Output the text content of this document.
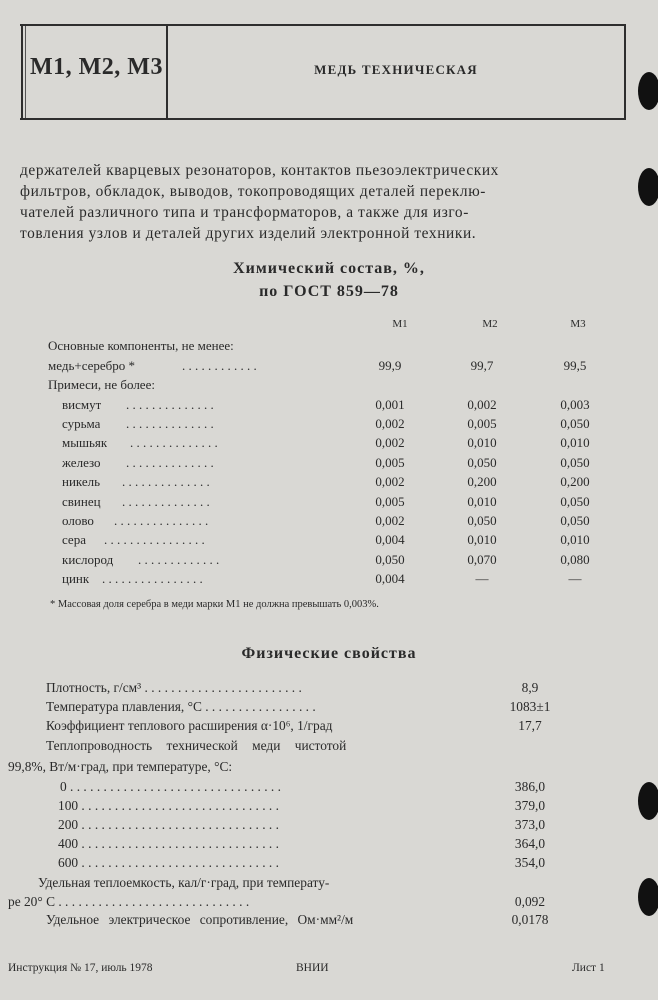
М1, М2, М3	МЕДЬ ТЕХНИЧЕСКАЯ
держателей кварцевых резонаторов, контактов пьезоэлектрических
фильтров, обкладок, выводов, токопроводящих деталей переклю-
чателей различного типа и трансформаторов, а также для изго-
товления узлов и деталей других изделий электронной техники.
Химический состав, %,
по ГОСТ 859—78
М1	М2	М3
Основные компоненты, не менее:
медь+серебро *	. . . . . . . . . . . .	99,9	99,7	99,5
Примеси, не более:
висмут . . . . . . . . . . . . . .	0,001	0,002	0,003
сурьма . . . . . . . . . . . . . .	0,002	0,005	0,050
мышьяк . . . . . . . . . . . . . .	0,002	0,010	0,010
железо . . . . . . . . . . . . . .	0,005	0,050	0,050
никель . . . . . . . . . . . . . .	0,002	0,200	0,200
свинец . . . . . . . . . . . . . .	0,005	0,010	0,050
олово . . . . . . . . . . . . . . .	0,002	0,050	0,050
сера . . . . . . . . . . . . . . . .	0,004	0,010	0,010
кислород . . . . . . . . . . . . .	0,050	0,070	0,080
цинк . . . . . . . . . . . . . . . .	0,004	—	—
* Массовая доля серебра в меди марки М1 не должна превышать 0,003%.
Физические свойства
Плотность, г/см³ . . . . . . . . . . . . . . . . . . . . . . . .	8,9
Температура плавления, °С . . . . . . . . . . . . . . . . .	1083±1
Коэффициент теплового расширения α·10⁶, 1/град	17,7
Теплопроводность технической меди чистотой
99,8%, Вт/м·град, при температуре, °С:
0 . . . . . . . . . . . . . . . . . . . . . . . . . . . . . . . .	386,0
100 . . . . . . . . . . . . . . . . . . . . . . . . . . . . . .	379,0
200 . . . . . . . . . . . . . . . . . . . . . . . . . . . . . .	373,0
400 . . . . . . . . . . . . . . . . . . . . . . . . . . . . . .	364,0
600 . . . . . . . . . . . . . . . . . . . . . . . . . . . . . .	354,0
Удельная теплоемкость, кал/г·град, при температу-
ре 20° С . . . . . . . . . . . . . . . . . . . . . . . . . . . . .	0,092
Удельное электрическое сопротивление, Ом·мм²/м	0,0178
Инструкция № 17, июль 1978	ВНИИ	Лист 1
